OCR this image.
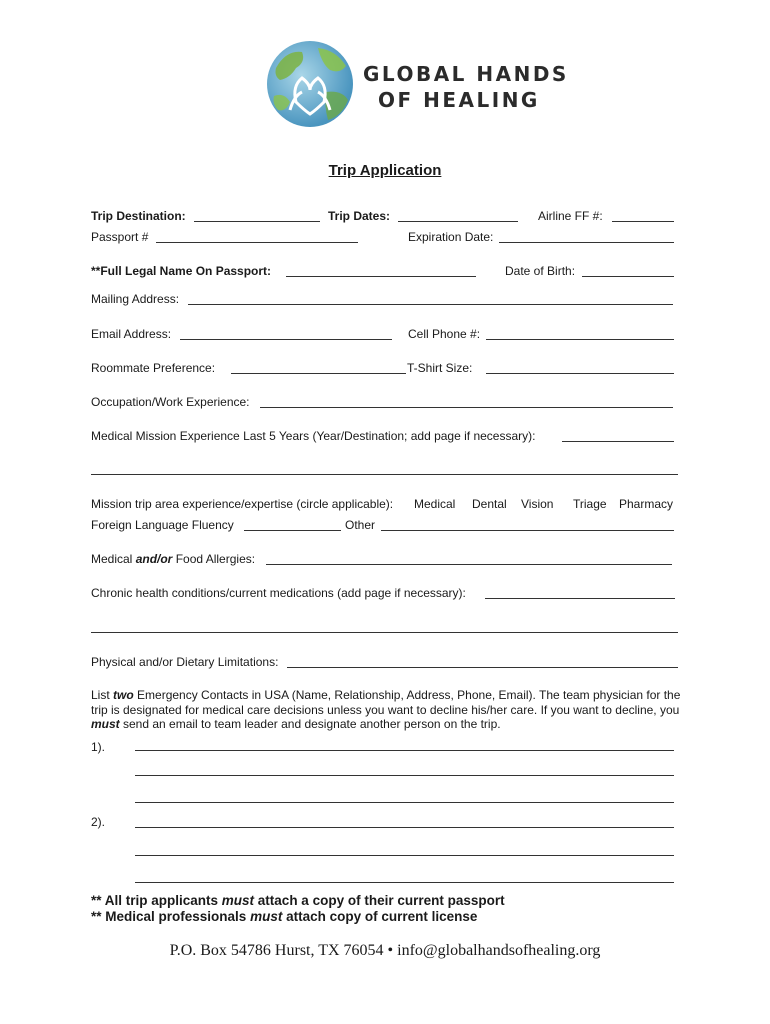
GLOBAL HANDS
OF HEALING
Trip Application
Trip Destination:	Trip Dates:	Airline FF #:
Passport #	Expiration Date:
**Full Legal Name On Passport:	Date of Birth:
Mailing Address:
Email Address:	Cell Phone #:
Roommate Preference:	T-Shirt Size:
Occupation/Work Experience:
Medical Mission Experience Last 5 Years (Year/Destination; add page if necessary):
Mission trip area experience/expertise (circle applicable): Medical Dental Vision Triage Pharmacy
Foreign Language Fluency	Other
Medical and/or Food Allergies:
Chronic health conditions/current medications (add page if necessary):
Physical and/or Dietary Limitations:
List two Emergency Contacts in USA (Name, Relationship, Address, Phone, Email). The team physician for the trip is designated for medical care decisions unless you want to decline his/her care. If you want to decline, you must send an email to team leader and designate another person on the trip.
1).
2).
** All trip applicants must attach a copy of their current passport
** Medical professionals must attach copy of current license
P.O. Box 54786 Hurst, TX 76054 • info@globalhandsofhealing.org
